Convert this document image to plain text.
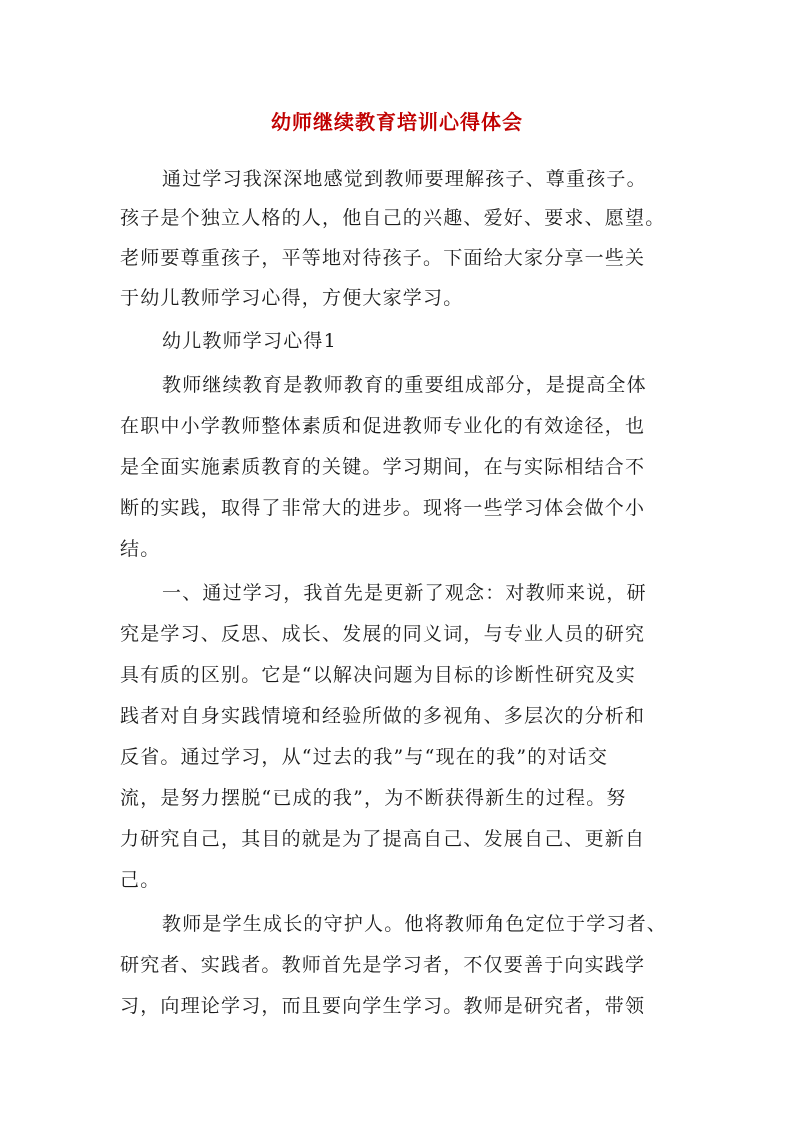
幼师继续教育培训心得体会
通过学习我深深地感觉到教师要理解孩子、尊重孩子。
孩子是个独立人格的人，他自己的兴趣、爱好、要求、愿望。
老师要尊重孩子，平等地对待孩子。下面给大家分享一些关
于幼儿教师学习心得，方便大家学习。
幼儿教师学习心得1
教师继续教育是教师教育的重要组成部分，是提高全体
在职中小学教师整体素质和促进教师专业化的有效途径，也
是全面实施素质教育的关键。学习期间，在与实际相结合不
断的实践，取得了非常大的进步。现将一些学习体会做个小
结。
一、通过学习，我首先是更新了观念：对教师来说，研
究是学习、反思、成长、发展的同义词，与专业人员的研究
具有质的区别。它是“以解决问题为目标的诊断性研究及实
践者对自身实践情境和经验所做的多视角、多层次的分析和
反省。通过学习，从“过去的我”与“现在的我”的对话交
流，是努力摆脱“已成的我”，为不断获得新生的过程。努
力研究自己，其目的就是为了提高自己、发展自己、更新自
己。
教师是学生成长的守护人。他将教师角色定位于学习者、
研究者、实践者。教师首先是学习者，不仅要善于向实践学
习，向理论学习，而且要向学生学习。教师是研究者，带领
